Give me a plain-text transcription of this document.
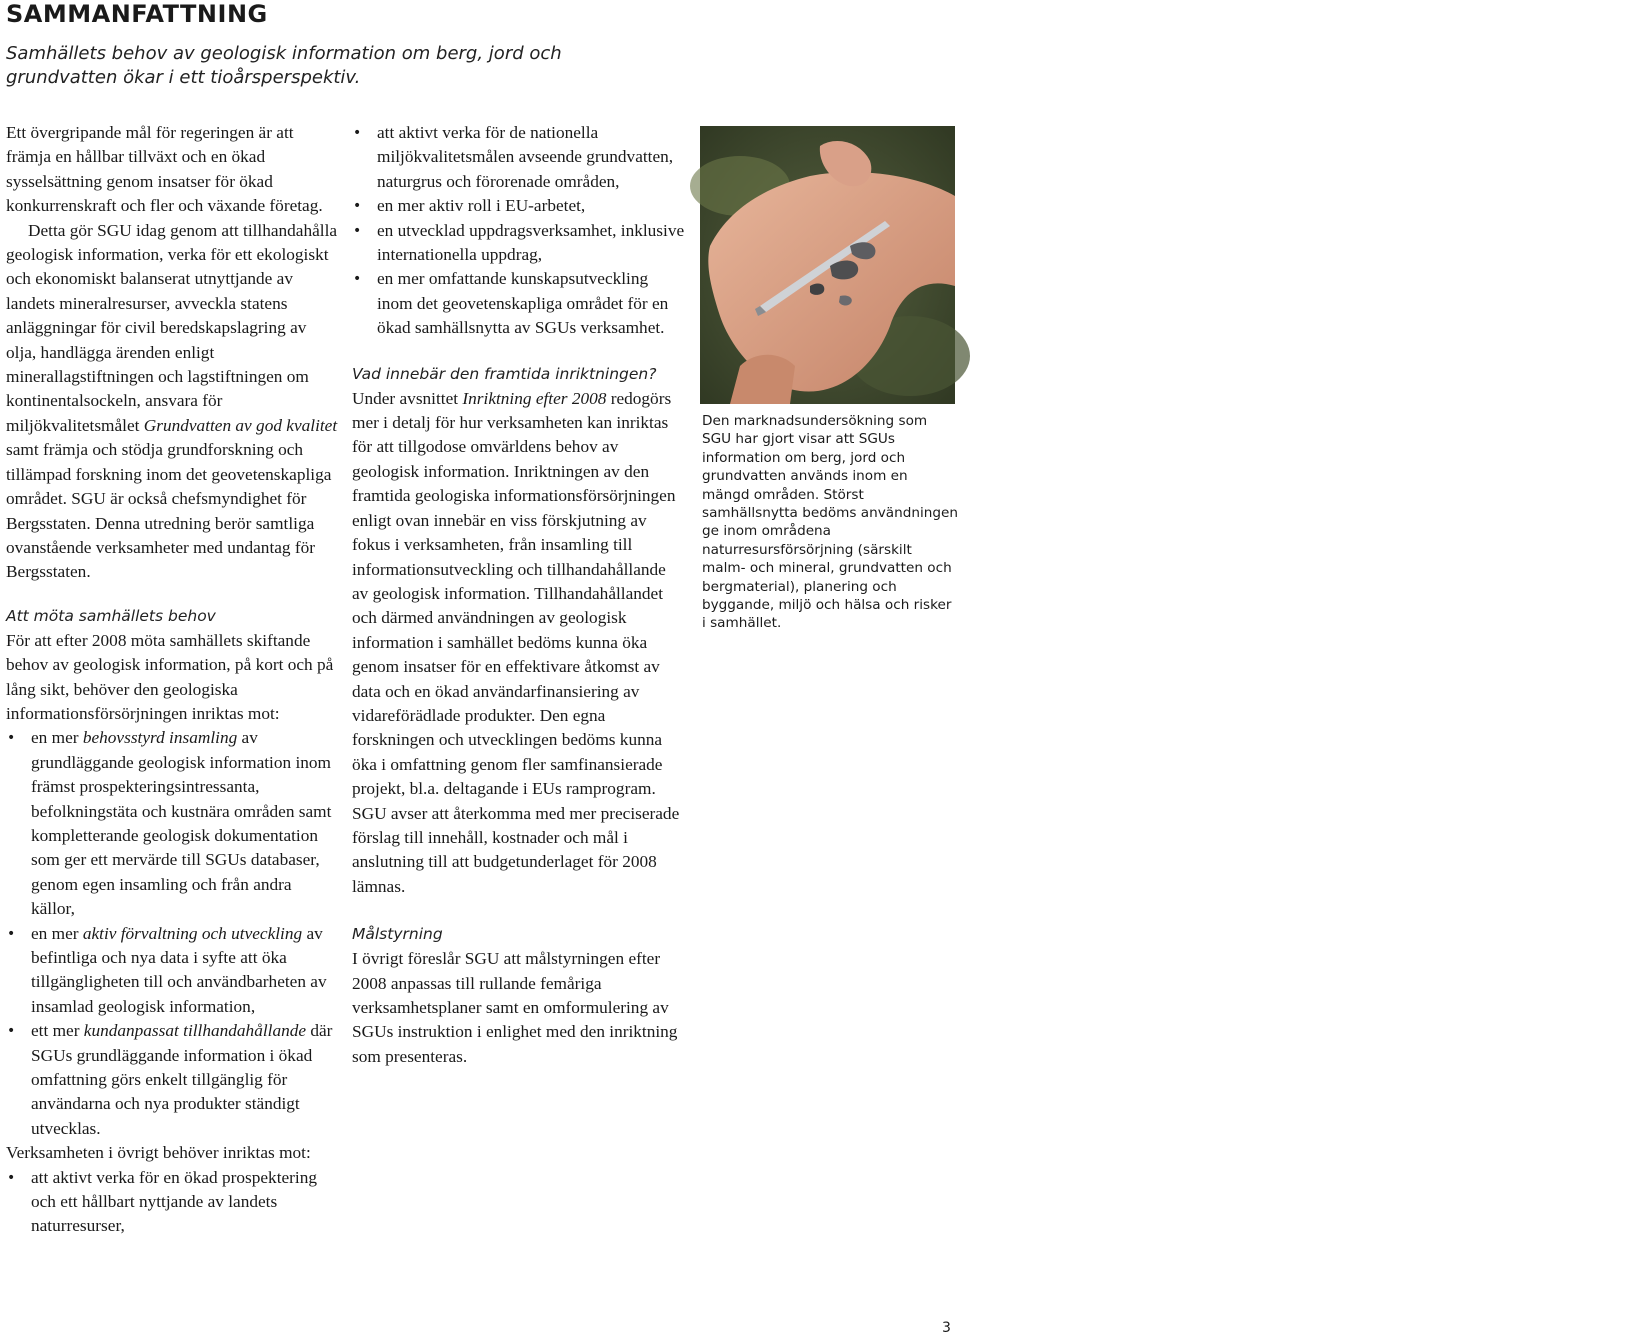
SAMMANFATTNING
Samhällets behov av geologisk information om berg, jord och grundvatten ökar i ett tioårsperspektiv.

Ett övergripande mål för regeringen är att främja en hållbar tillväxt och en ökad sysselsättning genom insatser för ökad konkurrenskraft och fler och växande företag.

Detta gör SGU idag genom att tillhandahålla geologisk information, verka för ett ekologiskt och ekonomiskt balanserat utnyttjande av landets mineralresurser, avveckla statens anläggningar för civil beredskapslagring av olja, handlägga ärenden enligt minerallagstiftningen och lagstiftningen om kontinentalsockeln, ansvara för miljökvalitetsmålet Grundvatten av god kvalitet samt främja och stödja grundforskning och tillämpad forskning inom det geovetenskapliga området. SGU är också chefsmyndighet för Bergsstaten. Denna utredning berör samtliga ovanstående verksamheter med undantag för Bergsstaten.

Att möta samhällets behov

För att efter 2008 möta samhällets skiftande behov av geologisk information, på kort och på lång sikt, behöver den geologiska informationsförsörjningen inriktas mot:

• en mer behovsstyrd insamling av grundläggande geologisk information inom främst prospekteringsintressanta, befolkningstäta och kustnära områden samt kompletterande geologisk dokumentation som ger ett mervärde till SGUs databaser, genom egen insamling och från andra källor,
• en mer aktiv förvaltning och utveckling av befintliga och nya data i syfte att öka tillgängligheten till och användbarheten av insamlad geologisk information,
• ett mer kundanpassat tillhandahållande där SGUs grundläggande information i ökad omfattning görs enkelt tillgänglig för användarna och nya produkter ständigt utvecklas.

Verksamheten i övrigt behöver inriktas mot:

• att aktivt verka för en ökad prospektering och ett hållbart nyttjande av landets naturresurser,
• att aktivt verka för de nationella miljökvalitetsmålen avseende grundvatten, naturgrus och förorenade områden,
• en mer aktiv roll i EU-arbetet,
• en utvecklad uppdragsverksamhet, inklusive internationella uppdrag,
• en mer omfattande kunskapsutveckling inom det geovetenskapliga området för en ökad samhällsnytta av SGUs verksamhet.

Vad innebär den framtida inriktningen?

Under avsnittet Inriktning efter 2008 redogörs mer i detalj för hur verksamheten kan inriktas för att tillgodose omvärldens behov av geologisk information. Inriktningen av den framtida geologiska informationsförsörjningen enligt ovan innebär en viss förskjutning av fokus i verksamheten, från insamling till informationsutveckling och tillhandahållande av geologisk information. Tillhandahållandet och därmed användningen av geologisk information i samhället bedöms kunna öka genom insatser för en effektivare åtkomst av data och en ökad användarfinansiering av vidareförädlade produkter. Den egna forskningen och utvecklingen bedöms kunna öka i omfattning genom fler samfinansierade projekt, bl.a. deltagande i EUs ramprogram. SGU avser att återkomma med mer preciserade förslag till innehåll, kostnader och mål i anslutning till att budgetunderlaget för 2008 lämnas.

Målstyrning

I övrigt föreslår SGU att målstyrningen efter 2008 anpassas till rullande femåriga verksamhetsplaner samt en omformulering av SGUs instruktion i enlighet med den inriktning som presenteras.

FOTO: ANDERS DAMBERG
Den marknadsundersökning som SGU har gjort visar att SGUs information om berg, jord och grundvatten används inom en mängd områden. Störst samhällsnytta bedöms användningen ge inom områdena naturresursförsörjning (särskilt malm- och mineral, grundvatten och bergmaterial), planering och byggande, miljö och hälsa och risker i samhället.
3
